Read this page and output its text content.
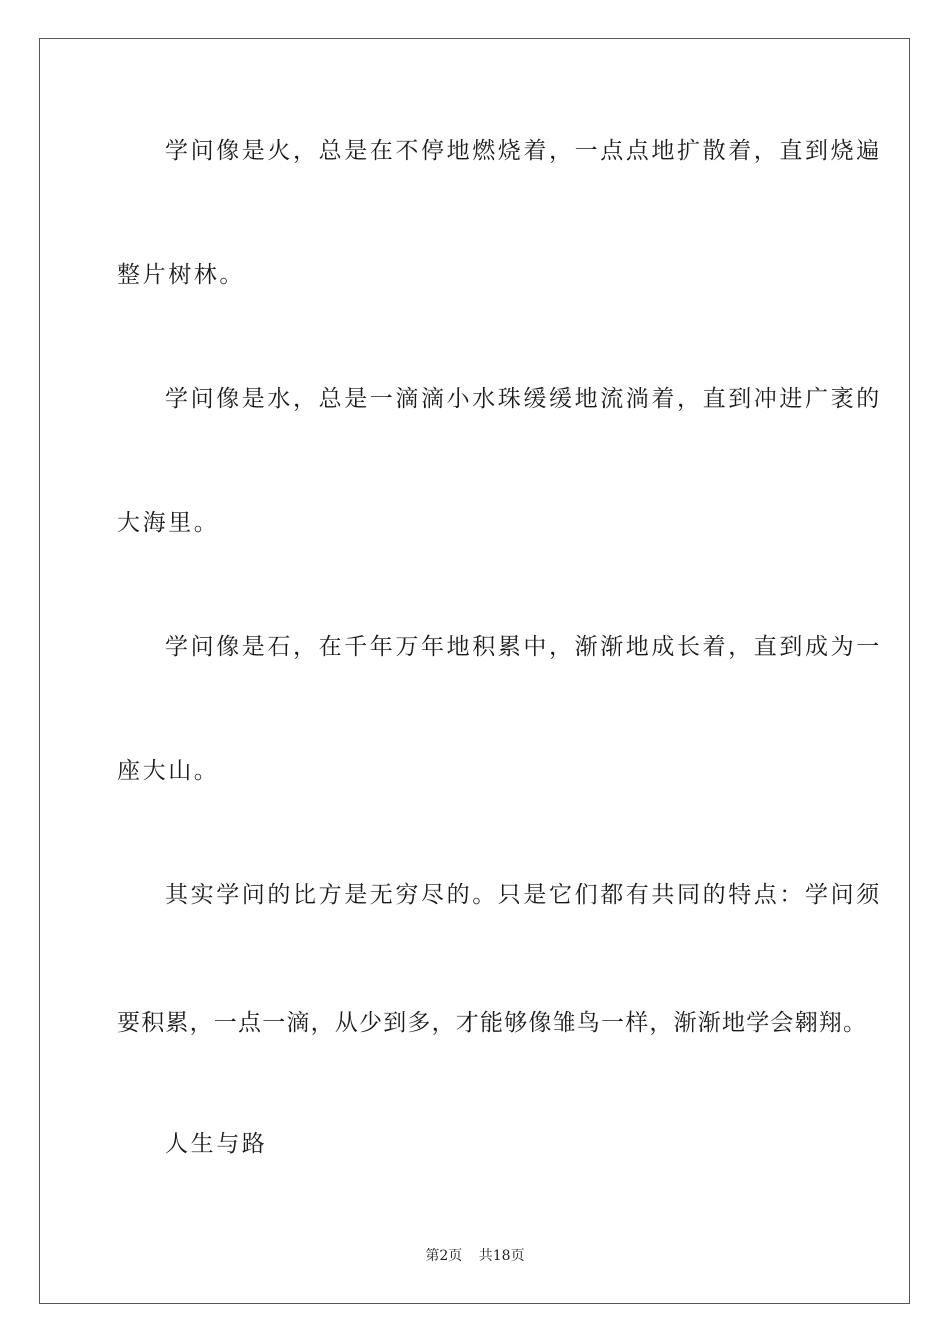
学问像是火，总是在不停地燃烧着，一点点地扩散着，直到烧遍
整片树林。
学问像是水，总是一滴滴小水珠缓缓地流淌着，直到冲进广袤的
大海里。
学问像是石，在千年万年地积累中，渐渐地成长着，直到成为一
座大山。
其实学问的比方是无穷尽的。只是它们都有共同的特点：学问须
要积累，一点一滴，从少到多，才能够像雏鸟一样，渐渐地学会翱翔。
人生与路
第2页 共18页
